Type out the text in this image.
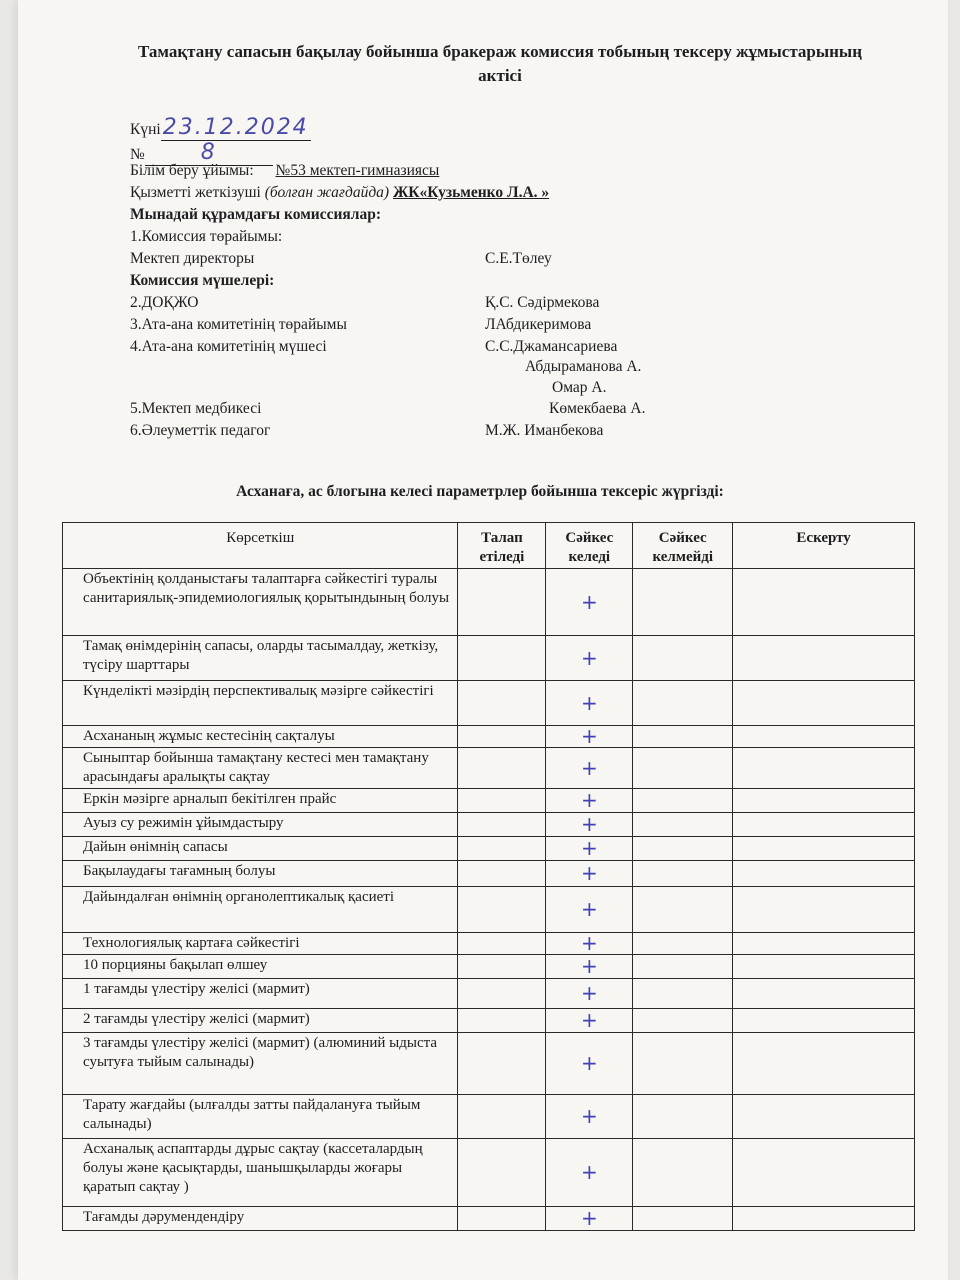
Тамақтану сапасын бақылау бойынша бракераж комиссия тобының тексеру жұмыстарының актісі
Күні23.12.2024
№	8
Білім беру ұйымы: №53 мектеп-гимназиясы
Қызметті жеткізуші (болған жағдайда) ЖК«Кузьменко Л.А. »
Мынадай құрамдағы комиссиялар:
1.Комиссия төрайымы:
Мектеп директоры	С.Е.Төлеу
Комиссия мүшелері:
2.ДОҚЖО	Қ.С. Сәдірмекова
3.Ата-ана комитетінің төрайымы	ЛАбдикеримова
4.Ата-ана комитетінің мүшесі	С.С.Джамансариева
Абдыраманова А.
Омар А.
5.Мектеп медбикесі	Көмекбаева А.
6.Әлеуметтік педагог	М.Ж. Иманбекова
Асханаға, ас блогына келесі параметрлер бойынша тексеріс жүргізді:
Көрсеткіш	Талап етіледі	Сәйкес келеді	Сәйкес келмейді	Ескерту
Объектінің қолданыстағы талаптарға сәйкестігі туралы санитариялық-эпидемиологиялық қорытындының болуы		+		
Тамақ өнімдерінің сапасы, оларды тасымалдау, жеткізу, түсіру шарттары		+		
Күнделікті мәзірдің перспективалық мәзірге сәйкестігі		+		
Асхананың жұмыс кестесінің сақталуы		+		
Сыныптар бойынша тамақтану кестесі мен тамақтану арасындағы аралықты сақтау		+		
Еркін мәзірге арналып бекітілген прайс		+		
Ауыз су режимін ұйымдастыру		+		
Дайын өнімнің сапасы		+		
Бақылаудағы тағамның болуы		+		
Дайындалған өнімнің органолептикалық қасиеті		+		
Технологиялық картаға сәйкестігі		+		
10 порцияны бақылап өлшеу		+		
1 тағамды үлестіру желісі (мармит)		+		
2 тағамды үлестіру желісі (мармит)		+		
3 тағамды үлестіру желісі (мармит) (алюминий ыдыста суытуға тыйым салынады)		+		
Тарату жағдайы (ылғалды затты пайдалануға тыйым салынады)		+		
Асханалық аспаптарды дұрыс сақтау (кассеталардың болуы және қасықтарды, шанышқыларды жоғары қаратып сақтау )		+		
Тағамды дәрумендендіру		+		
